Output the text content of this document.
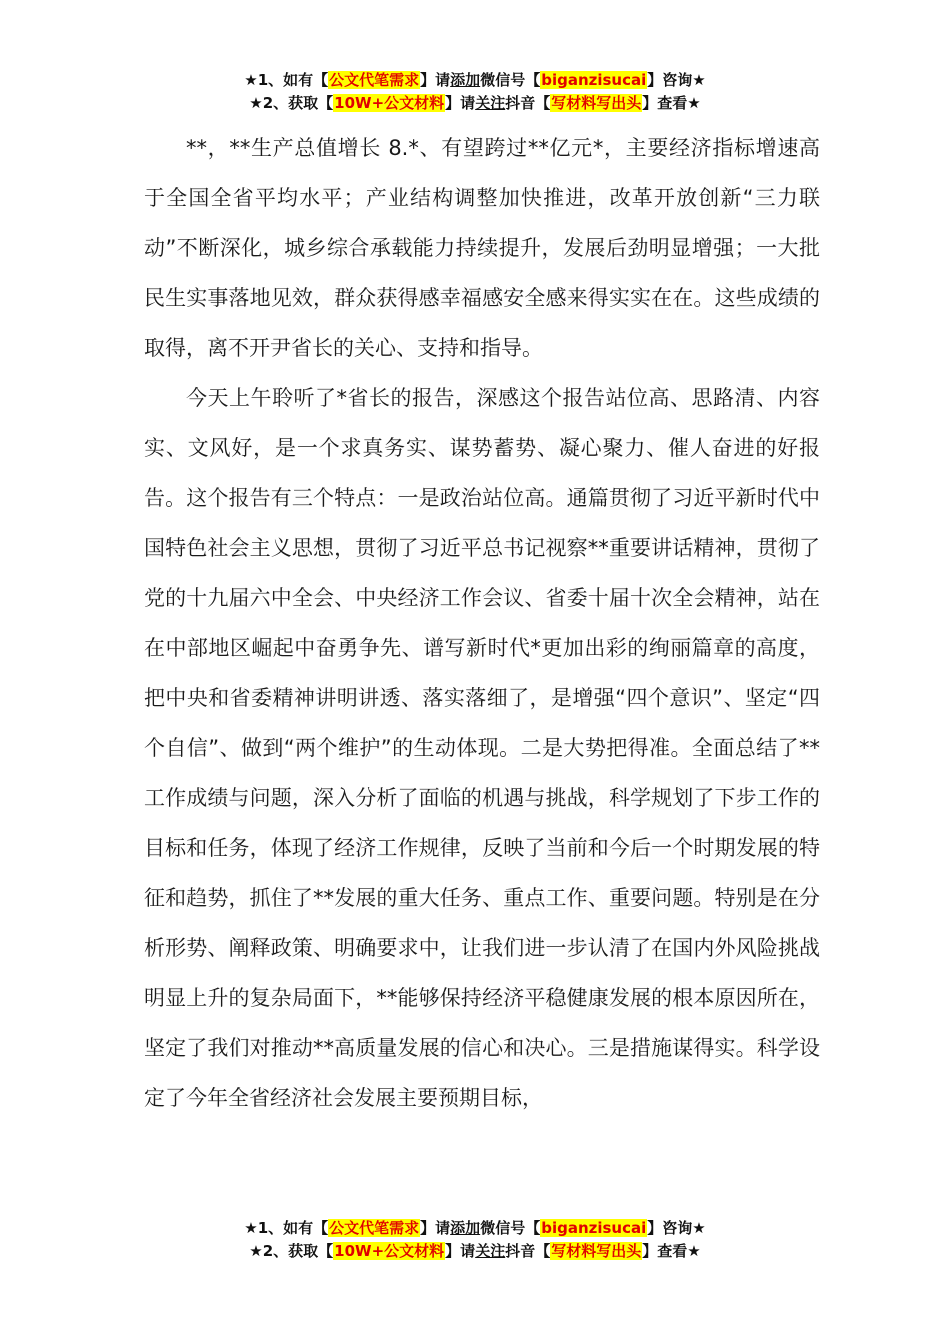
★1、如有【公文代笔需求】请添加微信号【biganzisucai】咨询★
★2、获取【10W+公文材料】请关注抖音【写材料写出头】查看★

**，**生产总值增长 8.*、有望跨过**亿元*，主要经济指标增速高于全国全省平均水平；产业结构调整加快推进，改革开放创新“三力联动”不断深化，城乡综合承载能力持续提升，发展后劲明显增强；一大批民生实事落地见效，群众获得感幸福感安全感来得实实在在。这些成绩的取得，离不开尹省长的关心、支持和指导。

今天上午聆听了*省长的报告，深感这个报告站位高、思路清、内容实、文风好，是一个求真务实、谋势蓄势、凝心聚力、催人奋进的好报告。这个报告有三个特点：一是政治站位高。通篇贯彻了习近平新时代中国特色社会主义思想，贯彻了习近平总书记视察**重要讲话精神，贯彻了党的十九届六中全会、中央经济工作会议、省委十届十次全会精神，站在在中部地区崛起中奋勇争先、谱写新时代*更加出彩的绚丽篇章的高度，把中央和省委精神讲明讲透、落实落细了，是增强“四个意识”、坚定“四个自信”、做到“两个维护”的生动体现。二是大势把得准。全面总结了**工作成绩与问题，深入分析了面临的机遇与挑战，科学规划了下步工作的目标和任务，体现了经济工作规律，反映了当前和今后一个时期发展的特征和趋势，抓住了**发展的重大任务、重点工作、重要问题。特别是在分析形势、阐释政策、明确要求中，让我们进一步认清了在国内外风险挑战明显上升的复杂局面下，**能够保持经济平稳健康发展的根本原因所在，坚定了我们对推动**高质量发展的信心和决心。三是措施谋得实。科学设定了今年全省经济社会发展主要预期目标，

★1、如有【公文代笔需求】请添加微信号【biganzisucai】咨询★
★2、获取【10W+公文材料】请关注抖音【写材料写出头】查看★
